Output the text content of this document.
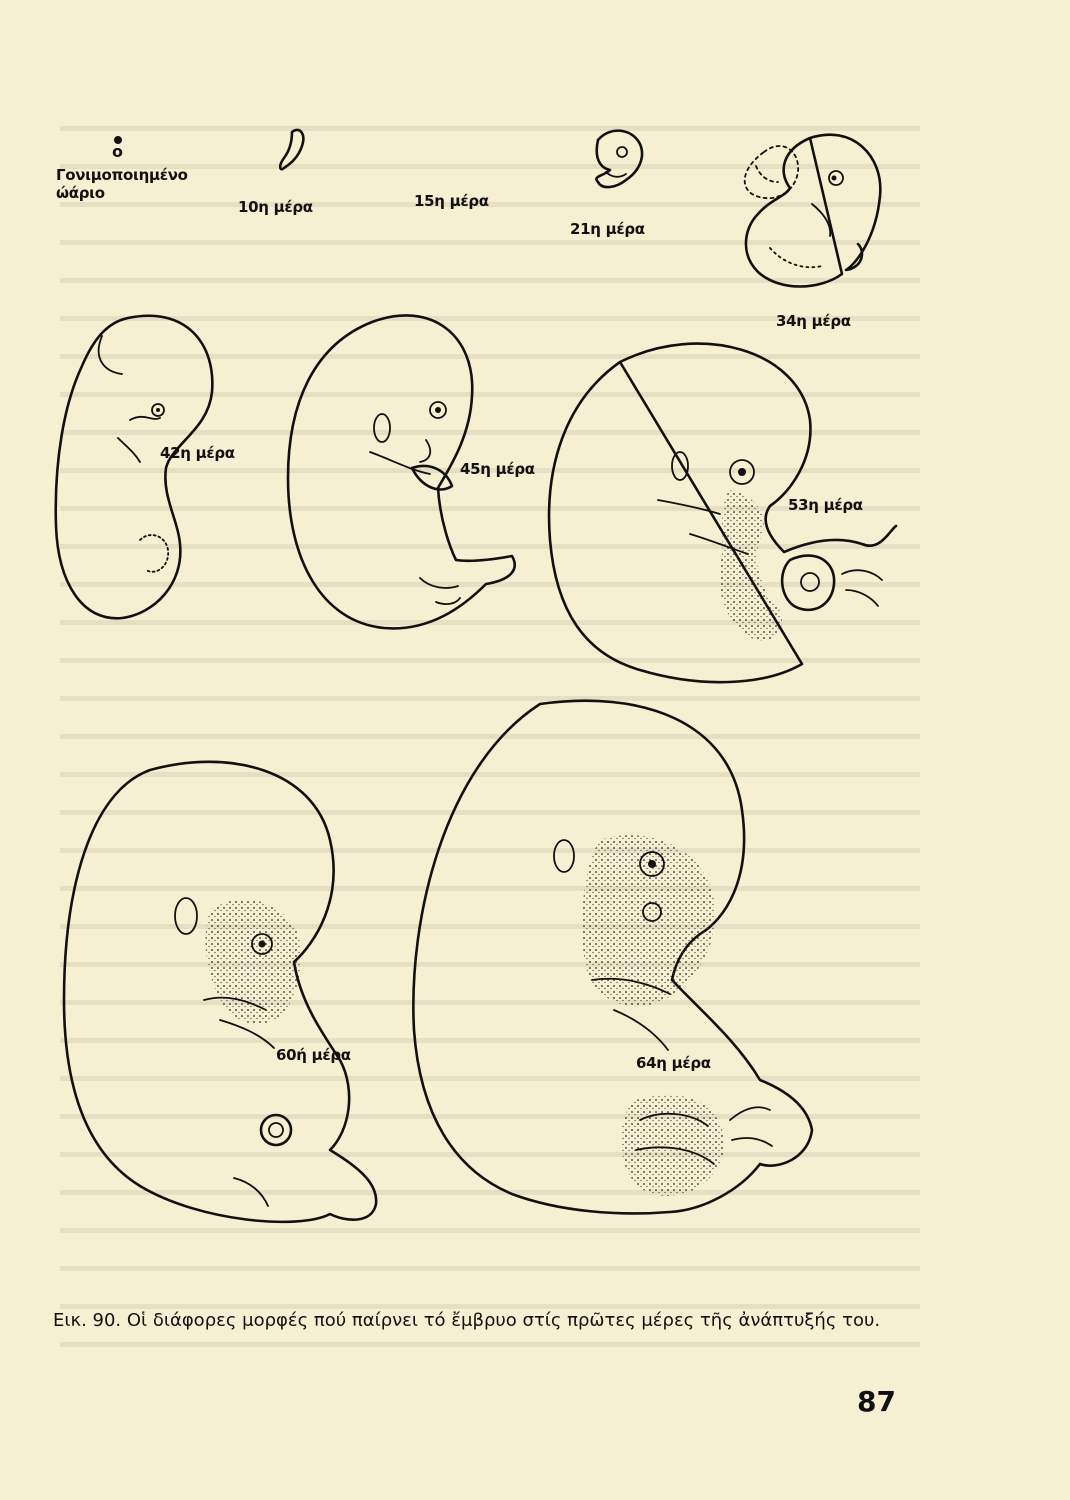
ο
Γονιμοποιημένο ώάριο
10η μέρα	15η μέρα
21η μέρα
34η μέρα
42η μέρα
45η μέρα
53η μέρα
60ή μέρα	64η μέρα
Εικ. 90. Οἱ διάφορες μορφές πού παίρνει τό ἔμβρυο στίς πρῶτες μέρες τῆς ἀνάπτυξής του.
87
